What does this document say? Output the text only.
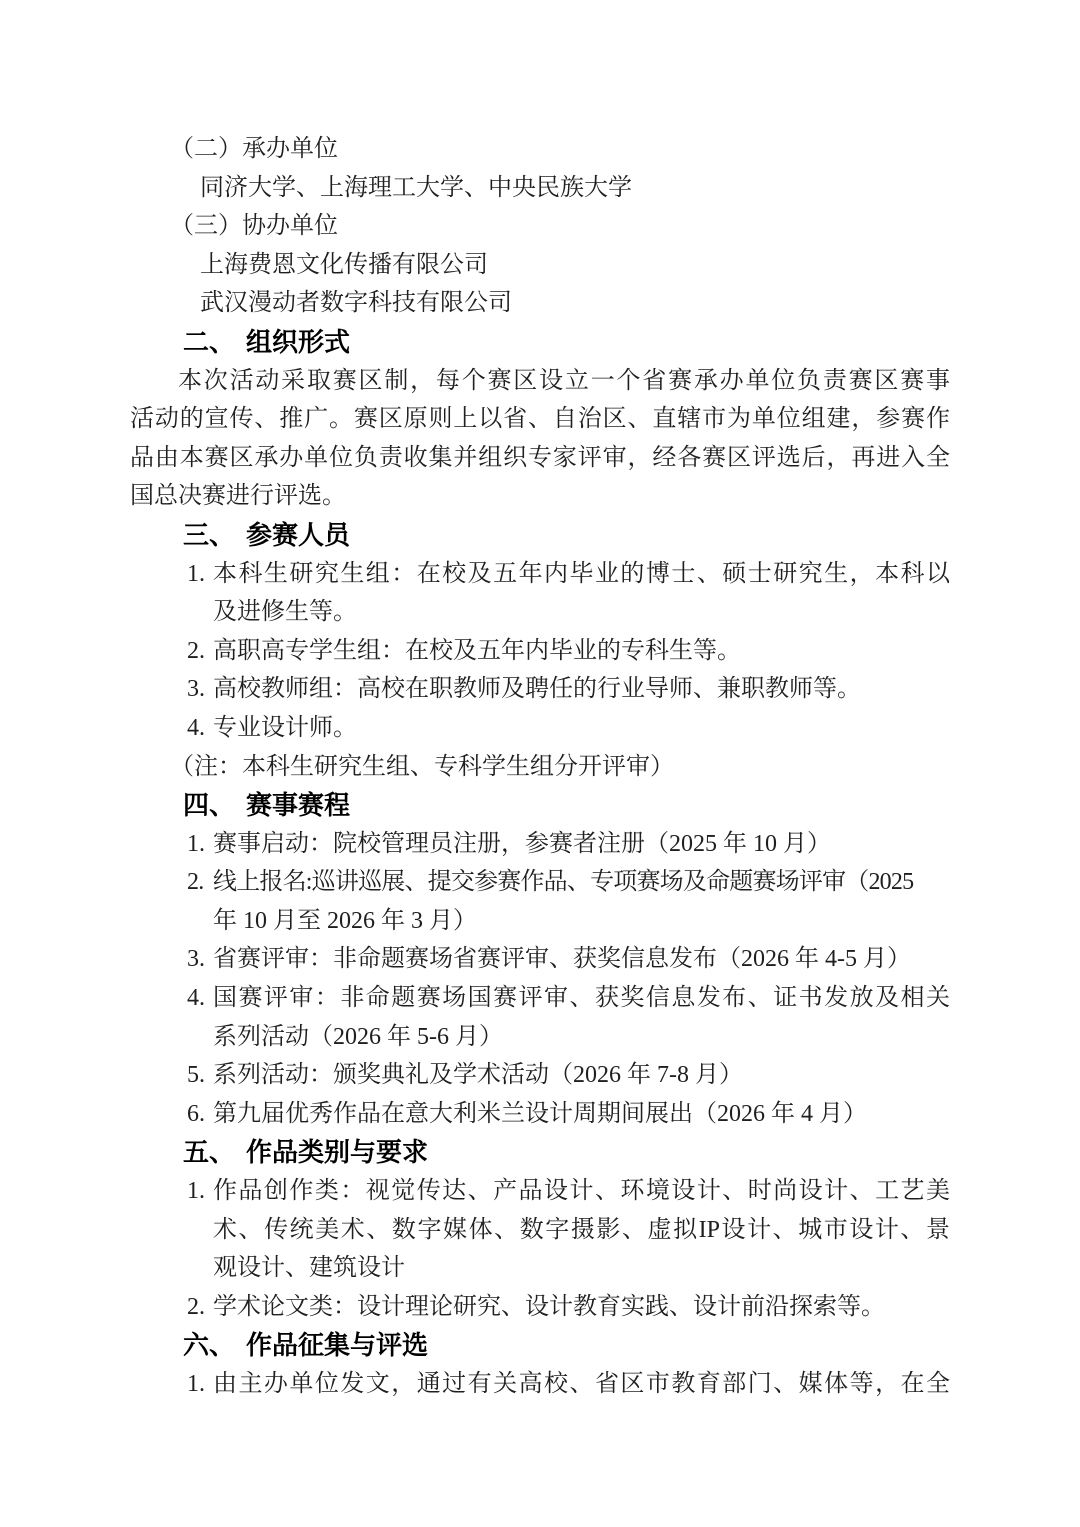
（二）承办单位
同济大学、上海理工大学、中央民族大学
（三）协办单位
上海费恩文化传播有限公司
武汉漫动者数字科技有限公司
二、 组织形式
本次活动采取赛区制，每个赛区设立一个省赛承办单位负责赛区赛事
活动的宣传、推广。赛区原则上以省、自治区、直辖市为单位组建，参赛作
品由本赛区承办单位负责收集并组织专家评审，经各赛区评选后，再进入全
国总决赛进行评选。
三、 参赛人员
1. 本科生研究生组：在校及五年内毕业的博士、硕士研究生，本科以
及进修生等。
2. 高职高专学生组：在校及五年内毕业的专科生等。
3. 高校教师组：高校在职教师及聘任的行业导师、兼职教师等。
4. 专业设计师。
（注：本科生研究生组、专科学生组分开评审）
四、 赛事赛程
1. 赛事启动：院校管理员注册，参赛者注册（2025 年 10 月）
2. 线上报名:巡讲巡展、提交参赛作品、专项赛场及命题赛场评审（2025
年 10 月至 2026 年 3 月）
3. 省赛评审：非命题赛场省赛评审、获奖信息发布（2026 年 4-5 月）
4. 国赛评审：非命题赛场国赛评审、获奖信息发布、证书发放及相关
系列活动（2026 年 5-6 月）
5. 系列活动：颁奖典礼及学术活动（2026 年 7-8 月）
6. 第九届优秀作品在意大利米兰设计周期间展出（2026 年 4 月）
五、 作品类别与要求
1. 作品创作类：视觉传达、产品设计、环境设计、时尚设计、工艺美
术、传统美术、数字媒体、数字摄影、虚拟IP设计、城市设计、景
观设计、建筑设计
2. 学术论文类：设计理论研究、设计教育实践、设计前沿探索等。
六、 作品征集与评选
1. 由主办单位发文，通过有关高校、省区市教育部门、媒体等，在全
